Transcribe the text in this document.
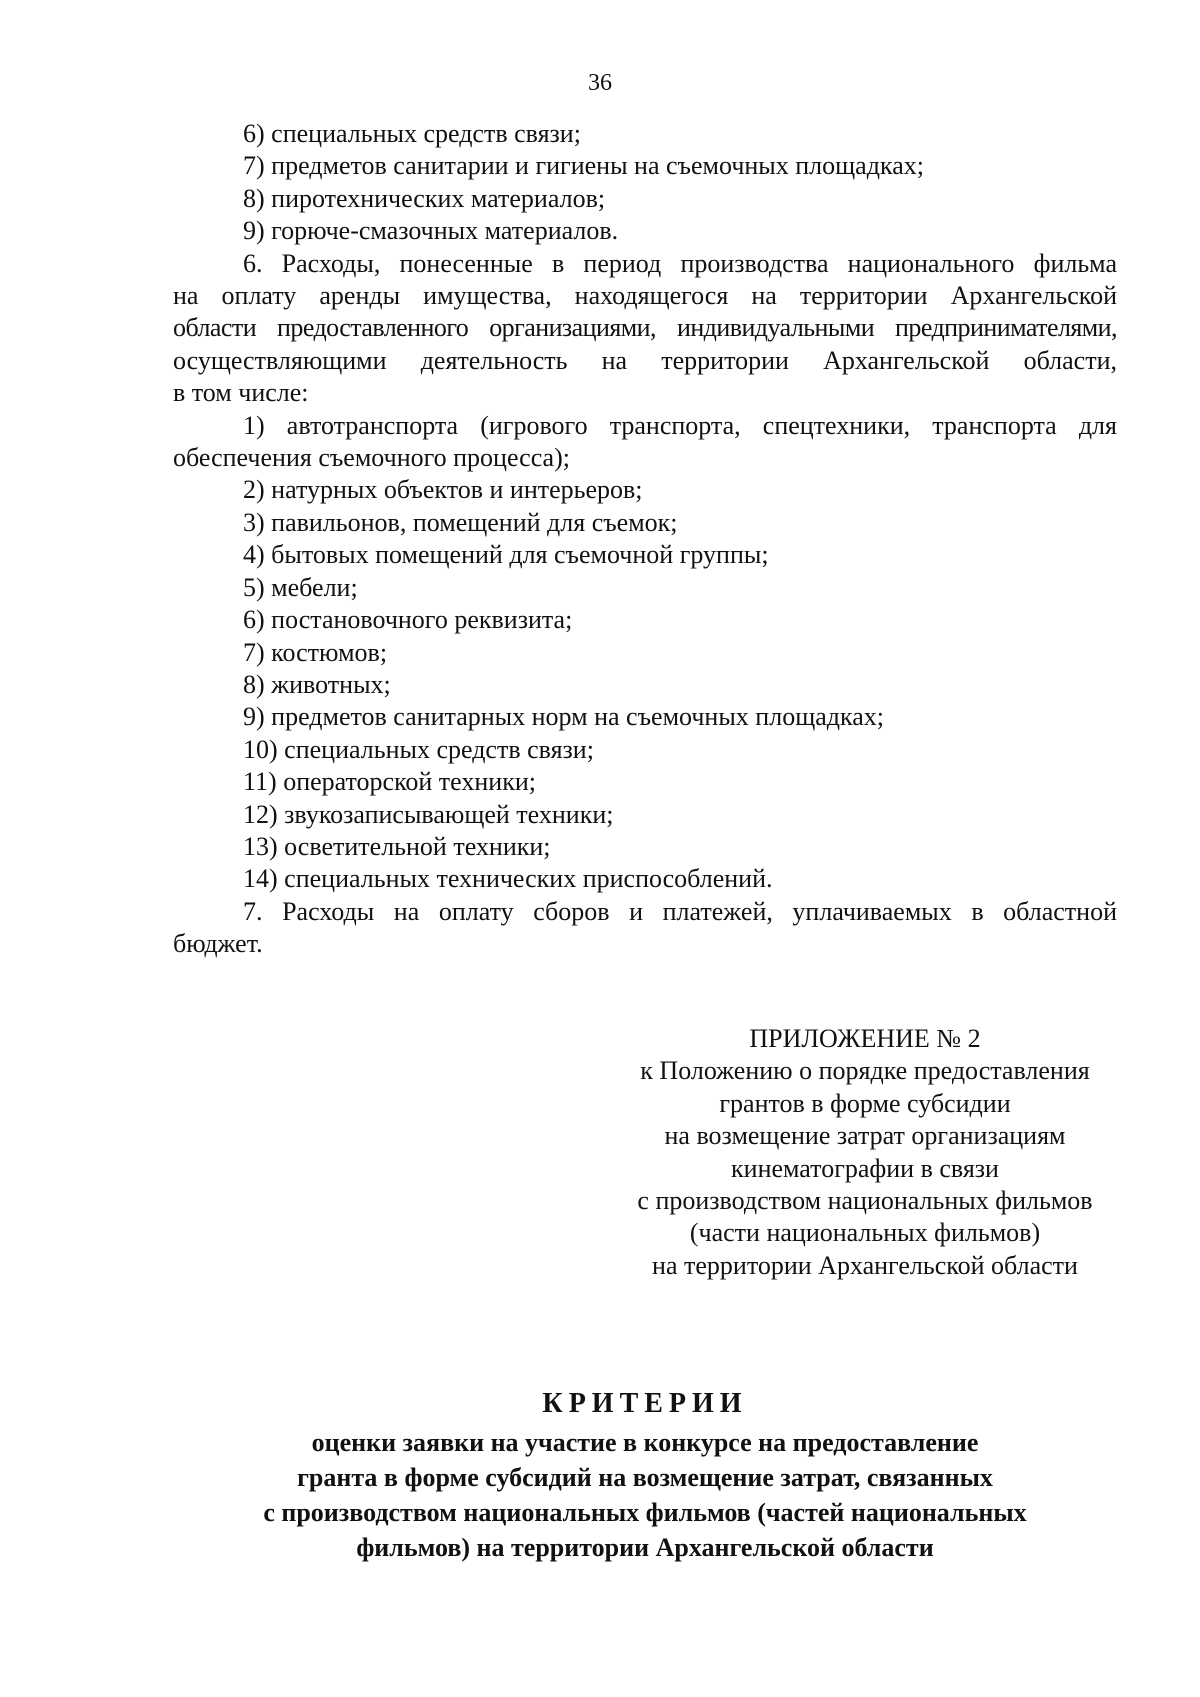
36
6) специальных средств связи;
7) предметов санитарии и гигиены на съемочных площадках;
8) пиротехнических материалов;
9) горюче-смазочных материалов.
6. Расходы, понесенные в период производства национального фильма
на оплату аренды имущества, находящегося на территории Архангельской
области предоставленного организациями, индивидуальными предпринимателями,
осуществляющими деятельность на территории Архангельской области,
в том числе:
1) автотранспорта (игрового транспорта, спецтехники, транспорта для
обеспечения съемочного процесса);
2) натурных объектов и интерьеров;
3) павильонов, помещений для съемок;
4) бытовых помещений для съемочной группы;
5) мебели;
6) постановочного реквизита;
7) костюмов;
8) животных;
9) предметов санитарных норм на съемочных площадках;
10) специальных средств связи;
11) операторской техники;
12) звукозаписывающей техники;
13) осветительной техники;
14) специальных технических приспособлений.
7. Расходы на оплату сборов и платежей, уплачиваемых в областной
бюджет.
ПРИЛОЖЕНИЕ № 2
к Положению о порядке предоставления
грантов в форме субсидии
на возмещение затрат организациям
кинематографии в связи
с производством национальных фильмов
(части национальных фильмов)
на территории Архангельской области
КРИТЕРИИ
оценки заявки на участие в конкурсе на предоставление
гранта в форме субсидий на возмещение затрат, связанных
с производством национальных фильмов (частей национальных
фильмов) на территории Архангельской области
